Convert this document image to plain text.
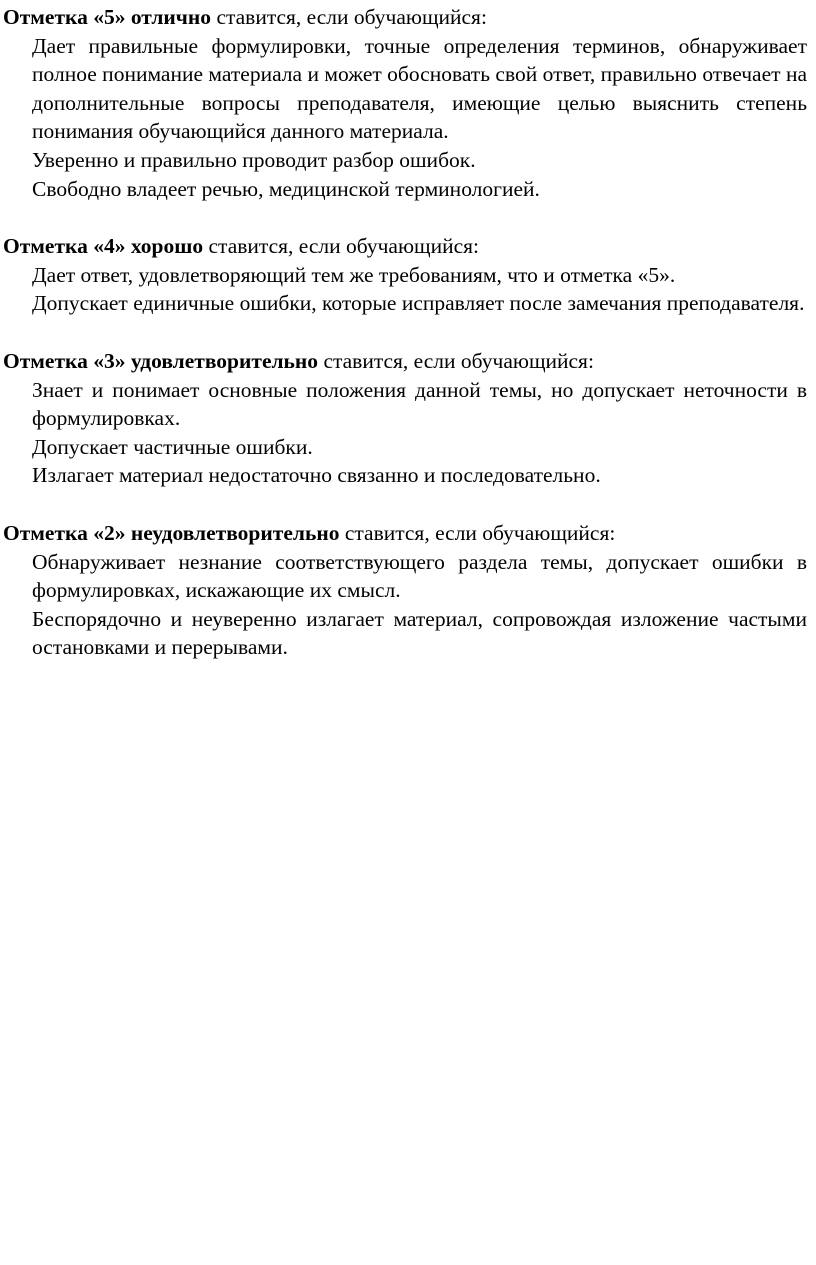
Отметка «5» отлично ставится, если обучающийся:

Дает правильные формулировки, точные определения терминов, обнаруживает полное понимание материала и может обосновать свой ответ, правильно отвечает на дополнительные вопросы преподавателя, имеющие целью выяснить степень понимания обучающийся данного материала.

Уверенно и правильно проводит разбор ошибок.

Свободно владеет речью, медицинской терминологией.

Отметка «4» хорошо ставится, если обучающийся:

Дает ответ, удовлетворяющий тем же требованиям, что и отметка «5».

Допускает единичные ошибки, которые исправляет после замечания преподавателя.

Отметка «3» удовлетворительно ставится, если обучающийся:

Знает и понимает основные положения данной темы, но допускает неточности в формулировках.

Допускает частичные ошибки.

Излагает материал недостаточно связанно и последовательно.

Отметка «2» неудовлетворительно ставится, если обучающийся:

Обнаруживает незнание соответствующего раздела темы, допускает ошибки в формулировках, искажающие их смысл.

Беспорядочно и неуверенно излагает материал, сопровождая изложение частыми остановками и перерывами.
